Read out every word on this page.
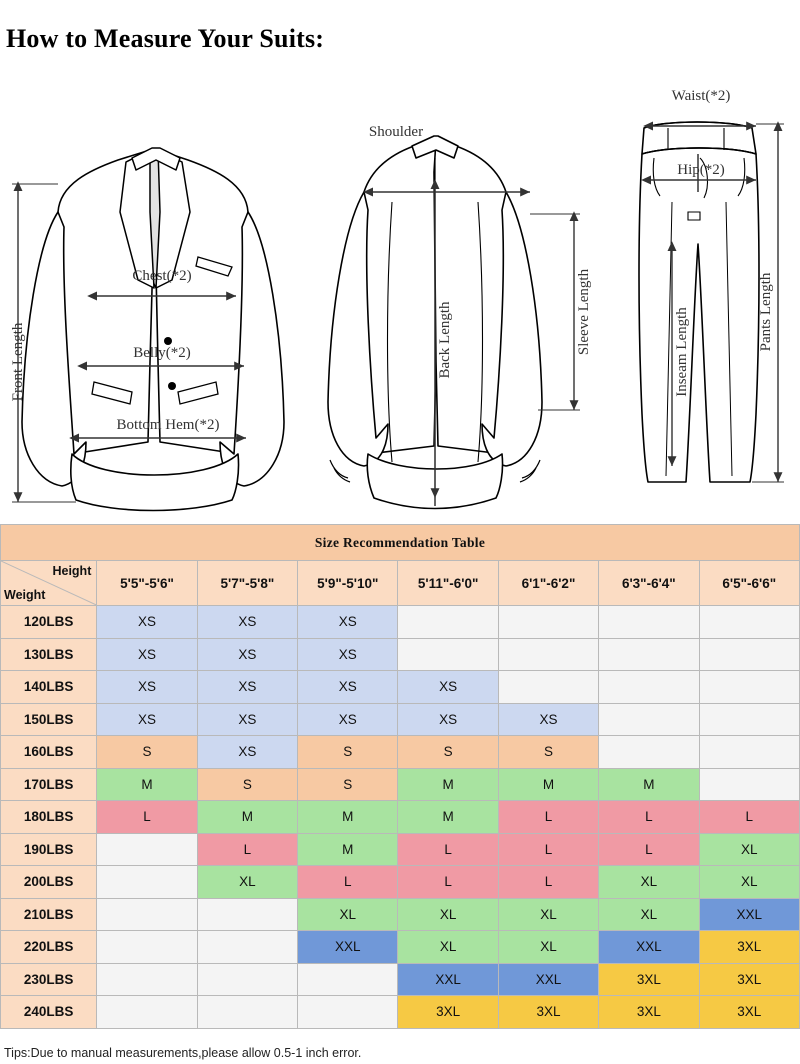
How to Measure Your Suits:
Front Length
Chest(*2)
Belly(*2)
Bottom Hem(*2)
Shoulder
Back Length	Sleeve Length
Waist(*2)
Hip(*2)
Inseam Length	Pants Length
Size Recommendation Table							

Height
Weight	5'5"-5'6"	5'7"-5'8"	5'9"-5'10"	5'11"-6'0"	6'1"-6'2"	6'3"-6'4"	6'5"-6'6"
120LBS	XS	XS	XS				
130LBS	XS	XS	XS				
140LBS	XS	XS	XS	XS			
150LBS	XS	XS	XS	XS	XS		
160LBS	S	XS	S	S	S		
170LBS	M	S	S	M	M	M	
180LBS	L	M	M	M	L	L	L
190LBS		L	M	L	L	L	XL
200LBS		XL	L	L	L	XL	XL
210LBS			XL	XL	XL	XL	XXL
220LBS			XXL	XL	XL	XXL	3XL
230LBS				XXL	XXL	3XL	3XL
240LBS				3XL	3XL	3XL	3XL
Tips:Due to manual measurements,please allow 0.5-1 inch error.
